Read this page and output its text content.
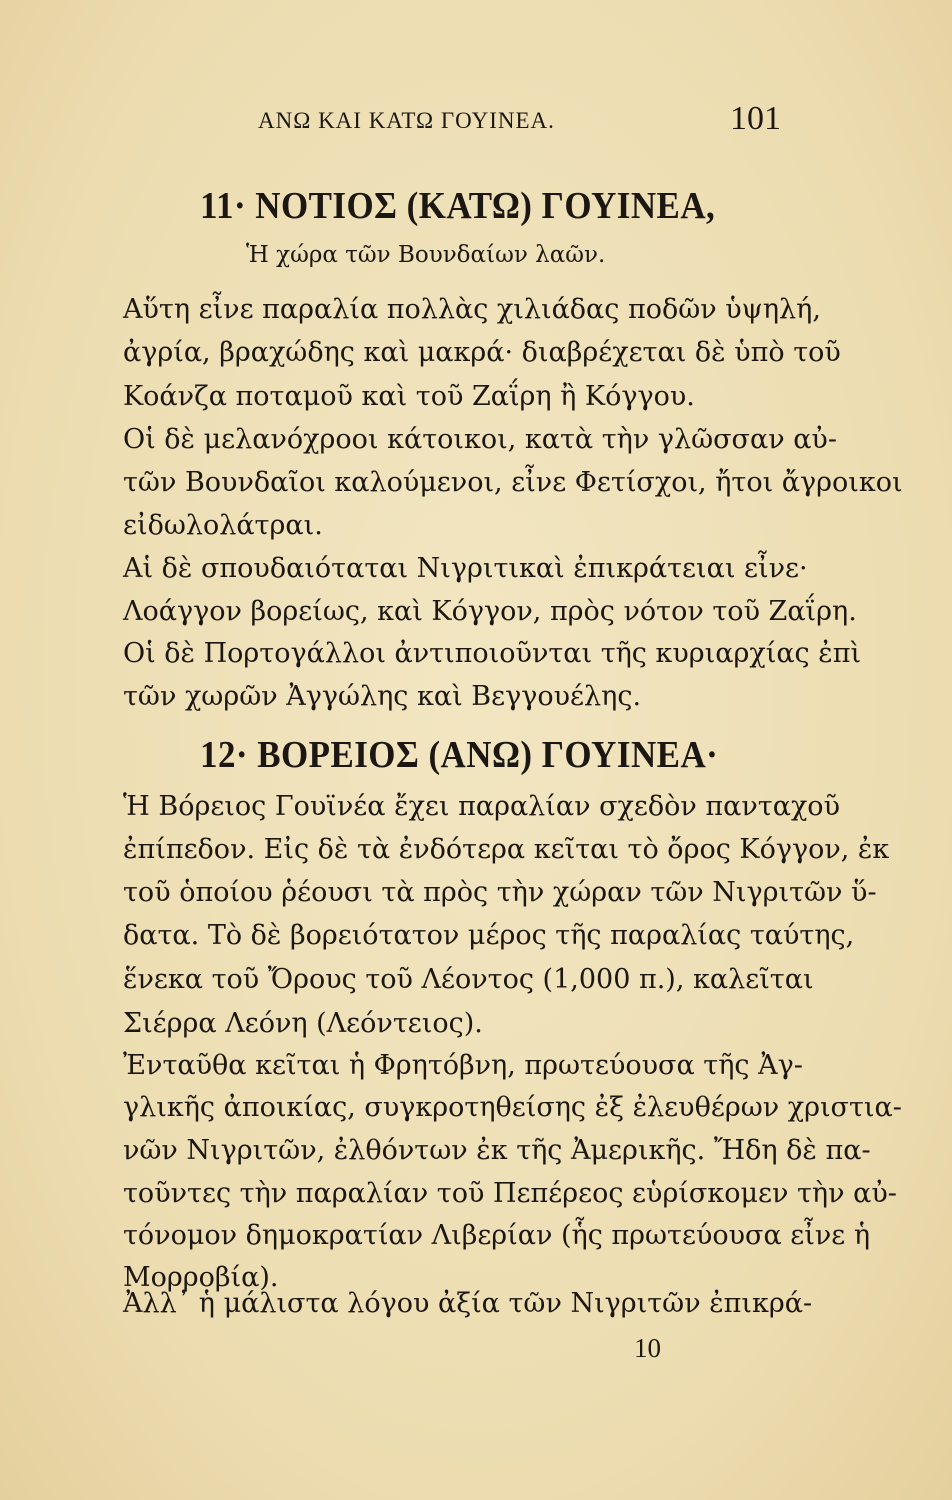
ΑΝΩ ΚΑΙ ΚΑΤΩ ΓΟΥΙΝΕΑ.	101
11· ΝΟΤΙΟΣ (ΚΑΤΩ) ΓΟΥΙΝΕΑ,
Ἡ χώρα τῶν Βουνδαίων λαῶν.
Αὕτη εἶνε παραλία πολλὰς χιλιάδας ποδῶν ὑψηλή,
ἀγρία, βραχώδης καὶ μακρά· διαβρέχεται δὲ ὑπὸ τοῦ
Κοάνζα ποταμοῦ καὶ τοῦ Ζαΐρη ἢ Κόγγου.
Οἱ δὲ μελανόχροοι κάτοικοι, κατὰ τὴν γλῶσσαν αὐ-
τῶν Βουνδαῖοι καλούμενοι, εἶνε Φετίσχοι, ἤτοι ἄγροικοι
εἰδωλολάτραι.
Αἱ δὲ σπουδαιόταται Νιγριτικαὶ ἐπικράτειαι εἶνε·
Λοάγγον βορείως, καὶ Κόγγον, πρὸς νότον τοῦ Ζαΐρη.
Οἱ δὲ Πορτογάλλοι ἀντιποιοῦνται τῆς κυριαρχίας ἐπὶ
τῶν χωρῶν Ἀγγώλης καὶ Βεγγουέλης.
12· ΒΟΡΕΙΟΣ (ΑΝΩ) ΓΟΥΙΝΕΑ·
Ἡ Βόρειος Γουϊνέα ἔχει παραλίαν σχεδὸν πανταχοῦ
ἐπίπεδον. Εἰς δὲ τὰ ἐνδότερα κεῖται τὸ ὄρος Κόγγον, ἐκ
τοῦ ὁποίου ῥέουσι τὰ πρὸς τὴν χώραν τῶν Νιγριτῶν ὕ-
δατα. Τὸ δὲ βορειότατον μέρος τῆς παραλίας ταύτης,
ἕνεκα τοῦ Ὄρους τοῦ Λέοντος (1,000 π.), καλεῖται
Σιέρρα Λεόνη (Λεόντειος).
Ἐνταῦθα κεῖται ἡ Φρητόβνη, πρωτεύουσα τῆς Ἀγ-
γλικῆς ἀποικίας, συγκροτηθείσης ἐξ ἐλευθέρων χριστια-
νῶν Νιγριτῶν, ἐλθόντων ἐκ τῆς Ἀμερικῆς. Ἤδη δὲ πα-
τοῦντες τὴν παραλίαν τοῦ Πεπέρεος εὑρίσκομεν τὴν αὐ-
τόνομον δημοκρατίαν Λιβερίαν (ἧς πρωτεύουσα εἶνε ἡ
Μορροβία).
Ἀλλ᾽ ἡ μάλιστα λόγου ἀξία τῶν Νιγριτῶν ἐπικρά-
10
